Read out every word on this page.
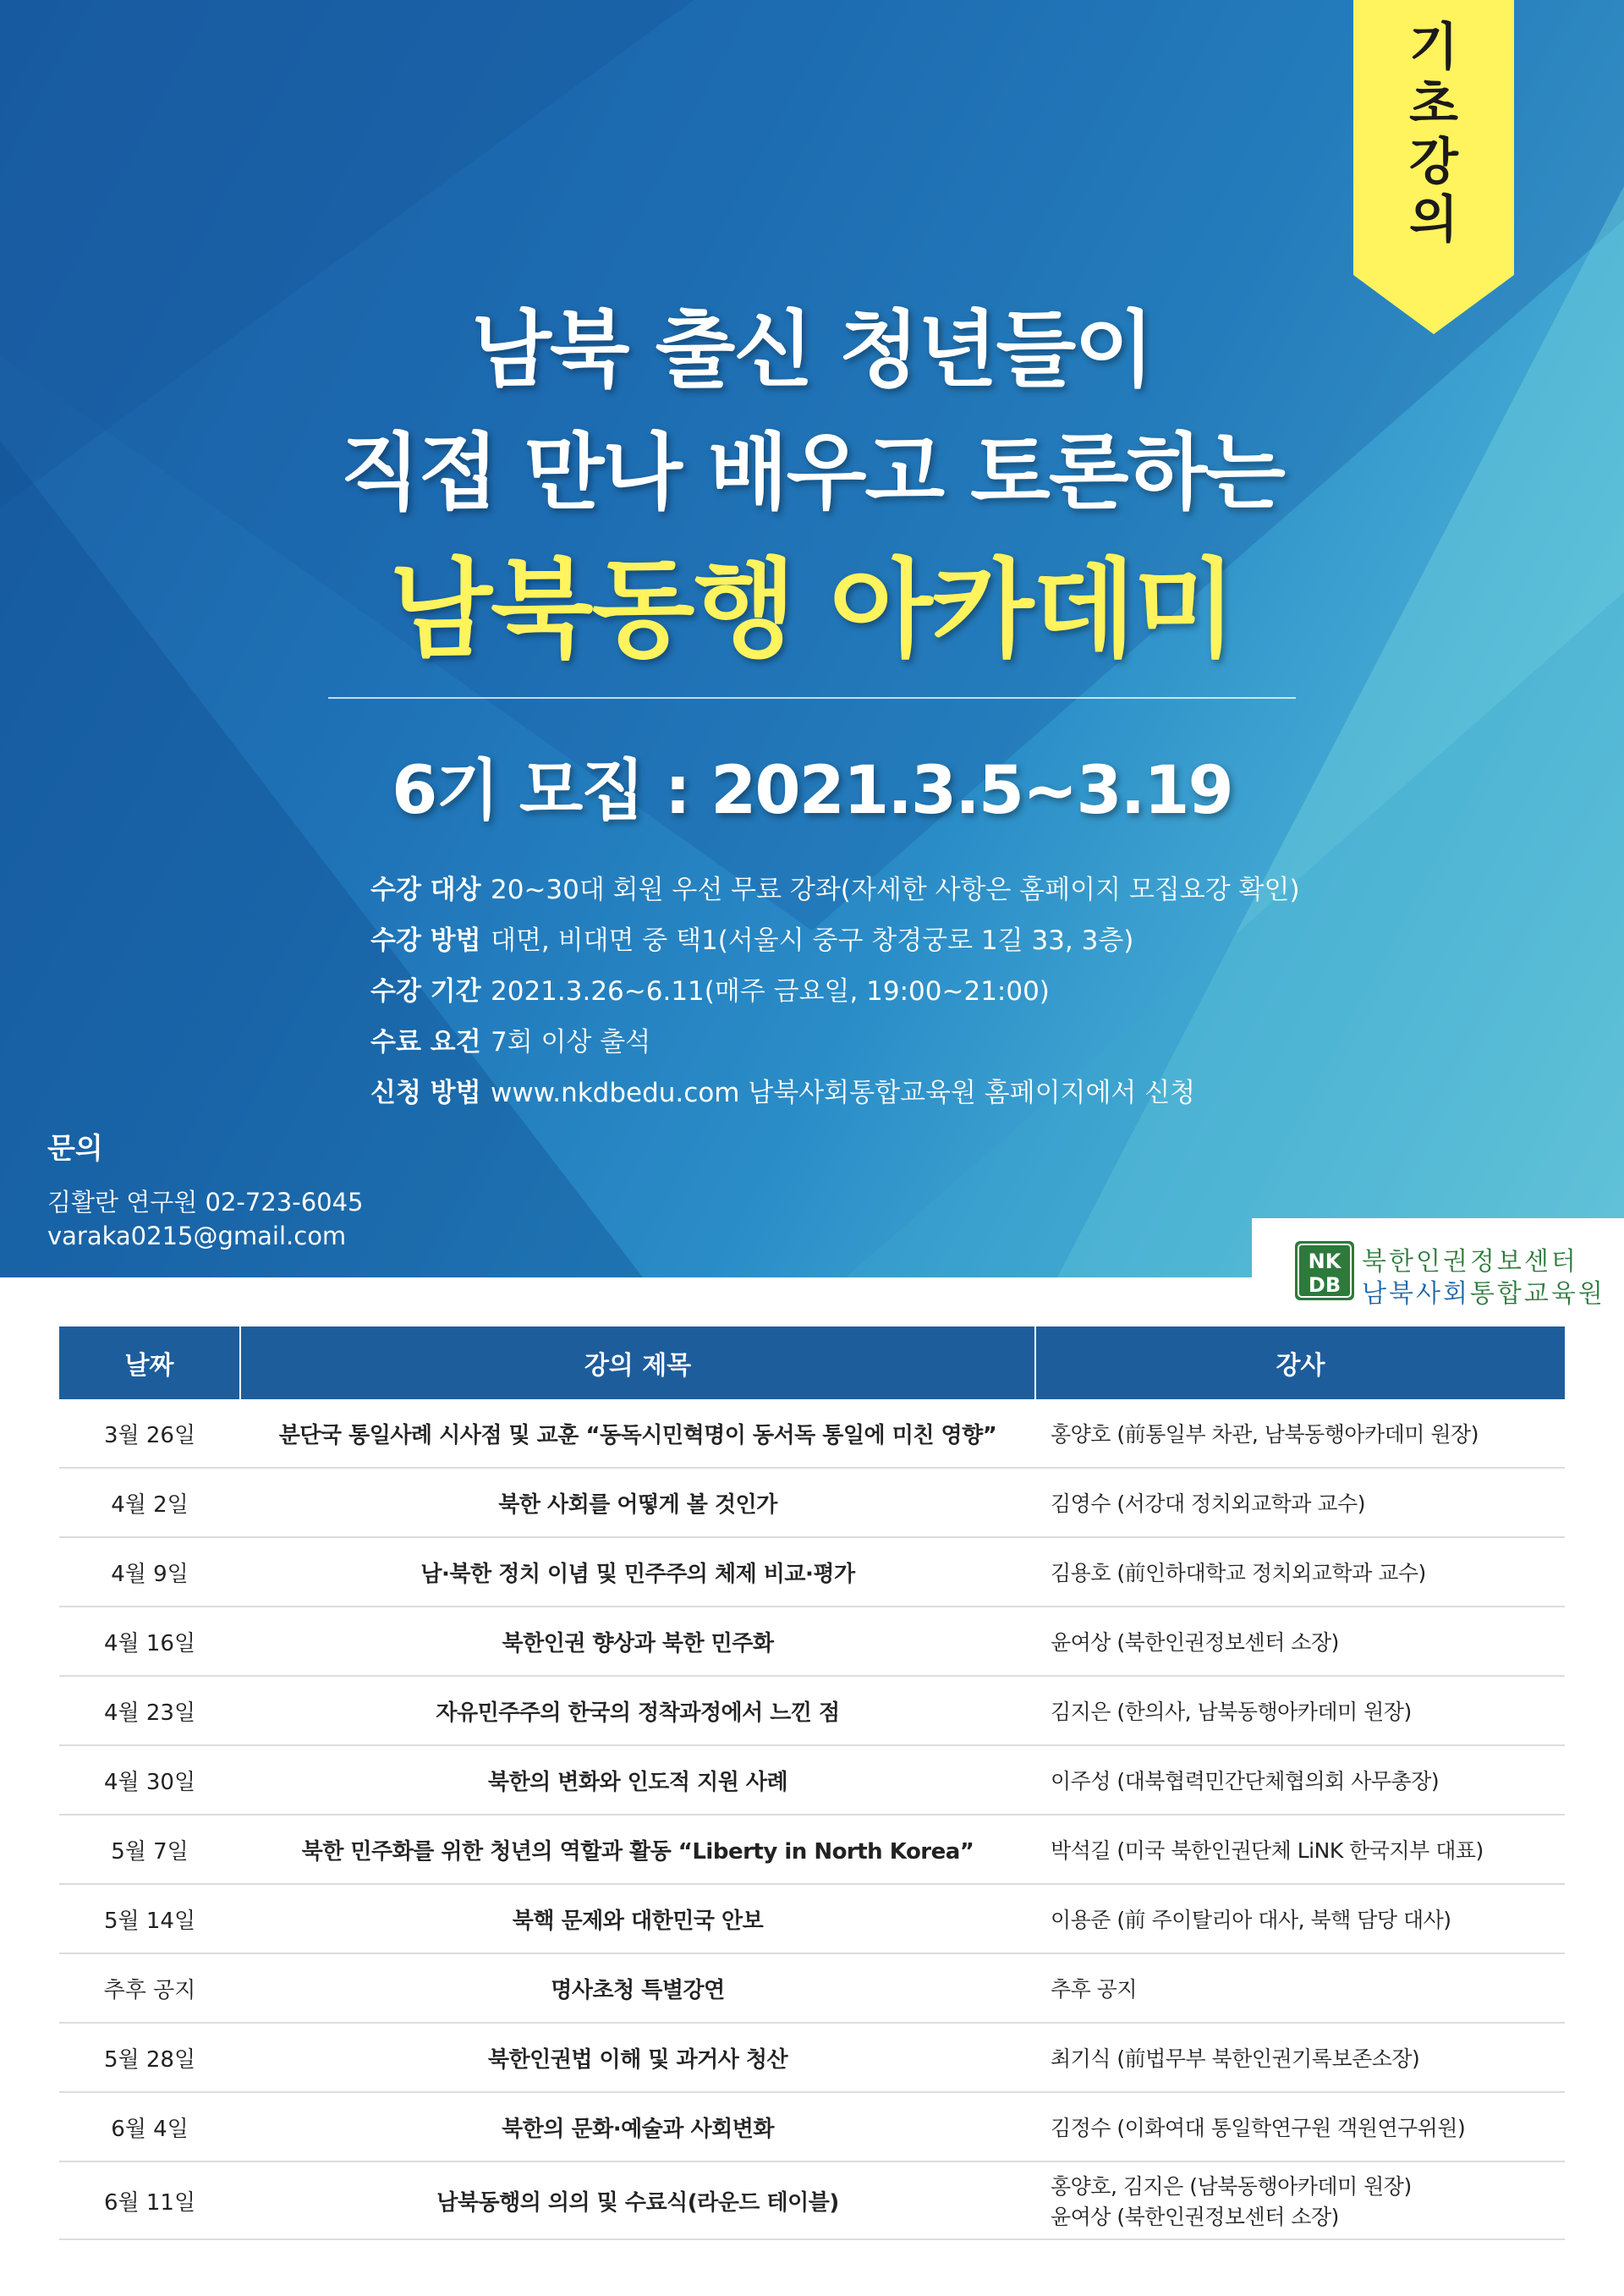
기
초
강
의
남북 출신 청년들이
직접 만나 배우고 토론하는
남북동행 아카데미
6기 모집 : 2021.3.5~3.19
수강 대상 20~30대 회원 우선 무료 강좌(자세한 사항은 홈페이지 모집요강 확인)
수강 방법 대면, 비대면 중 택1(서울시 중구 창경궁로 1길 33, 3층)
수강 기간 2021.3.26~6.11(매주 금요일, 19:00~21:00)
수료 요건 7회 이상 출석
신청 방법 www.nkdbedu.com 남북사회통합교육원 홈페이지에서 신청
문의
김활란 연구원 02-723-6045
varaka0215@gmail.com
NK
DB
북한인권정보센터
남북사회통합교육원
날짜	강의 제목	강사
3월 26일	분단국 통일사례 시사점 및 교훈 “동독시민혁명이 동서독 통일에 미친 영향”	홍양호 (前통일부 차관, 남북동행아카데미 원장)
4월 2일	북한 사회를 어떻게 볼 것인가	김영수 (서강대 정치외교학과 교수)
4월 9일	남·북한 정치 이념 및 민주주의 체제 비교·평가	김용호 (前인하대학교 정치외교학과 교수)
4월 16일	북한인권 향상과 북한 민주화	윤여상 (북한인권정보센터 소장)
4월 23일	자유민주주의 한국의 정착과정에서 느낀 점	김지은 (한의사, 남북동행아카데미 원장)
4월 30일	북한의 변화와 인도적 지원 사례	이주성 (대북협력민간단체협의회 사무총장)
5월 7일	북한 민주화를 위한 청년의 역할과 활동 “Liberty in North Korea”	박석길 (미국 북한인권단체 LiNK 한국지부 대표)
5월 14일	북핵 문제와 대한민국 안보	이용준 (前 주이탈리아 대사, 북핵 담당 대사)
추후 공지	명사초청 특별강연	추후 공지
5월 28일	북한인권법 이해 및 과거사 청산	최기식 (前법무부 북한인권기록보존소장)
6월 4일	북한의 문화·예술과 사회변화	김정수 (이화여대 통일학연구원 객원연구위원)
6월 11일	남북동행의 의의 및 수료식(라운드 테이블)	홍양호, 김지은 (남북동행아카데미 원장)
윤여상 (북한인권정보센터 소장)
